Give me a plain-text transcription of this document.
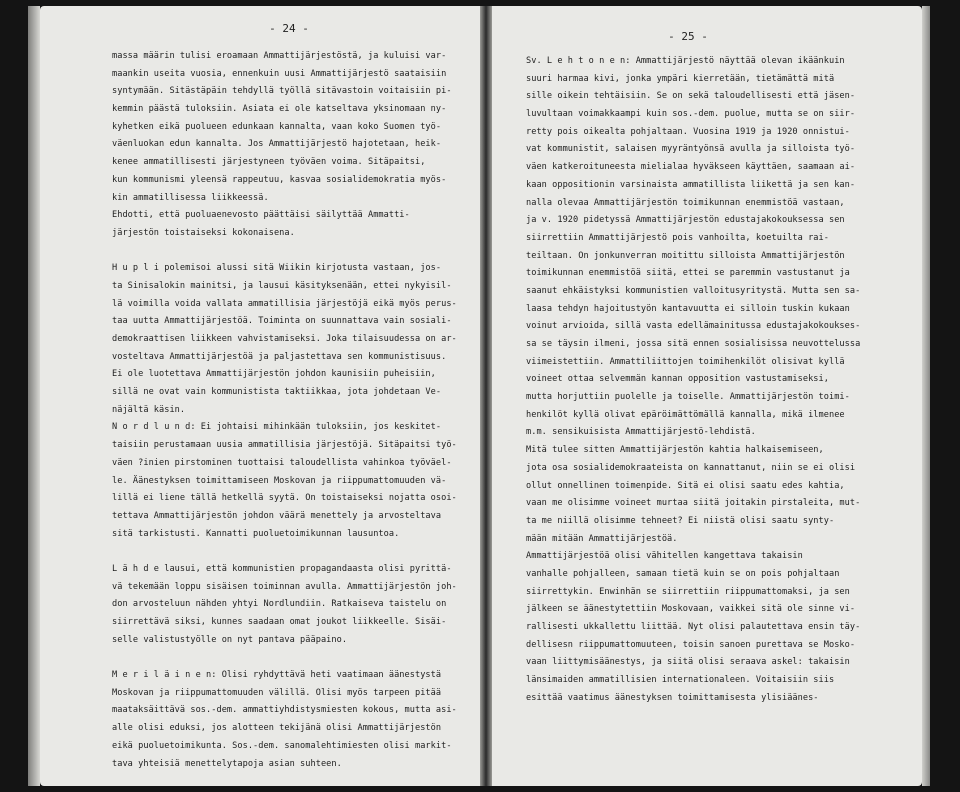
- 24 -
massa määrin tulisi eroamaan Ammattijärjestöstä, ja kuluisi var-
maankin useita vuosia, ennenkuin uusi Ammattijärjestö saataisiin
syntymään. Sitästäpäin tehdyllä työllä sitävastoin voitaisiin pi-
kemmin päästä tuloksiin. Asiata ei ole katseltava yksinomaan ny-
kyhetken eikä puolueen edunkaan kannalta, vaan koko Suomen työ-
väenluokan edun kannalta. Jos Ammattijärjestö hajotetaan, heik-
kenee ammatillisesti järjestyneen työväen voima. Sitäpaitsi,
kun kommunismi yleensä rappeutuu, kasvaa sosialidemokratia myös-
kin ammatillisessa liikkeessä.
Ehdotti, että puoluaenevosto päättäisi säilyttää Ammatti-
järjestön toistaiseksi kokonaisena.

H u p l i polemisoi alussi sitä Wiikin kirjotusta vastaan, jos-
ta Sinisalokin mainitsi, ja lausui käsityksenään, ettei nykyisil-
lä voimilla voida vallata ammatillisia järjestöjä eikä myös perus-
taa uutta Ammattijärjestöä. Toiminta on suunnattava vain sosiali-
demokraattisen liikkeen vahvistamiseksi. Joka tilaisuudessa on ar-
vosteltava Ammattijärjestöä ja paljastettava sen kommunistisuus.
Ei ole luotettava Ammattijärjestön johdon kaunisiin puheisiin,
sillä ne ovat vain kommunistista taktiikkaa, jota johdetaan Ve-
näjältä käsin.
N o r d l u n d: Ei johtaisi mihinkään tuloksiin, jos keskitet-
taisiin perustamaan uusia ammatillisia järjestöjä. Sitäpaitsi työ-
väen ?inien pirstominen tuottaisi taloudellista vahinkoa työväel-
le. Äänestyksen toimittamiseen Moskovan ja riippumattomuuden vä-
lillä ei liene tällä hetkellä syytä. On toistaiseksi nojatta osoi-
tettava Ammattijärjestön johdon väärä menettely ja arvosteltava
sitä tarkistusti. Kannatti puoluetoimikunnan lausuntoa.

L ä h d e lausui, että kommunistien propagandaasta olisi pyrittä-
vä tekemään loppu sisäisen toiminnan avulla. Ammattijärjestön joh-
don arvosteluun nähden yhtyi Nordlundiin. Ratkaiseva taistelu on
siirrettävä siksi, kunnes saadaan omat joukot liikkeelle. Sisäi-
selle valistustyölle on nyt pantava pääpaino.

M e r i l ä i n e n: Olisi ryhdyttävä heti vaatimaan äänestystä
Moskovan ja riippumattomuuden välillä. Olisi myös tarpeen pitää
maataksäittävä sos.-dem. ammattiyhdistysmiesten kokous, mutta asi-
alle olisi eduksi, jos alotteen tekijänä olisi Ammattijärjestön
eikä puoluetoimikunta. Sos.-dem. sanomalehtimiesten olisi markit-
tava yhteisiä menettelytapoja asian suhteen.
- 25 -
Sv. L e h t o n e n: Ammattijärjestö näyttää olevan ikäänkuin
suuri harmaa kivi, jonka ympäri kierretään, tietämättä mitä
sille oikein tehtäisiin. Se on sekä taloudellisesti että jäsen-
luvultaan voimakkaampi kuin sos.-dem. puolue, mutta se on siir-
retty pois oikealta pohjaltaan. Vuosina 1919 ja 1920 onnistui-
vat kommunistit, salaisen myyräntyönsä avulla ja silloista työ-
väen katkeroituneesta mielialaa hyväkseen käyttäen, saamaan ai-
kaan oppositionin varsinaista ammatillista liikettä ja sen kan-
nalla olevaa Ammattijärjestön toimikunnan enemmistöä vastaan,
ja v. 1920 pidetyssä Ammattijärjestön edustajakokouksessa sen
siirrettiin Ammattijärjestö pois vanhoilta, koetuilta rai-
teiltaan. On jonkunverran moitittu silloista Ammattijärjestön
toimikunnan enemmistöä siitä, ettei se paremmin vastustanut ja
saanut ehkäistyksi kommunistien valloitusyritystä. Mutta sen sa-
laasa tehdyn hajoitustyön kantavuutta ei silloin tuskin kukaan
voinut arvioida, sillä vasta edellämainitussa edustajakokoukses-
sa se täysin ilmeni, jossa sitä ennen sosialisissa neuvottelussa
viimeistettiin. Ammattiliittojen toimihenkilöt olisivat kyllä
voineet ottaa selvemmän kannan opposition vastustamiseksi,
mutta horjuttiin puolelle ja toiselle. Ammattijärjestön toimi-
henkilöt kyllä olivat epäröimättömällä kannalla, mikä ilmenee
m.m. sensikuisista Ammattijärjestö-lehdistä.
Mitä tulee sitten Ammattijärjestön kahtia halkaisemiseen,
jota osa sosialidemokraateista on kannattanut, niin se ei olisi
ollut onnellinen toimenpide. Sitä ei olisi saatu edes kahtia,
vaan me olisimme voineet murtaa siitä joitakin pirstaleita, mut-
ta me niillä olisimme tehneet? Ei niistä olisi saatu synty-
mään mitään Ammattijärjestöä.
Ammattijärjestöä olisi vähitellen kangettava takaisin
vanhalle pohjalleen, samaan tietä kuin se on pois pohjaltaan
siirrettykin. Enwinhän se siirrettiin riippumattomaksi, ja sen
jälkeen se äänestytettiin Moskovaan, vaikkei sitä ole sinne vi-
rallisesti ukkallettu liittää. Nyt olisi palautettava ensin täy-
dellisesn riippumattomuuteen, toisin sanoen purettava se Mosko-
vaan liittymisäänestys, ja siitä olisi seraava askel: takaisin
länsimaiden ammatillisien internationaleen. Voitaisiin siis
esittää vaatimus äänestyksen toimittamisesta ylisiäänes-
